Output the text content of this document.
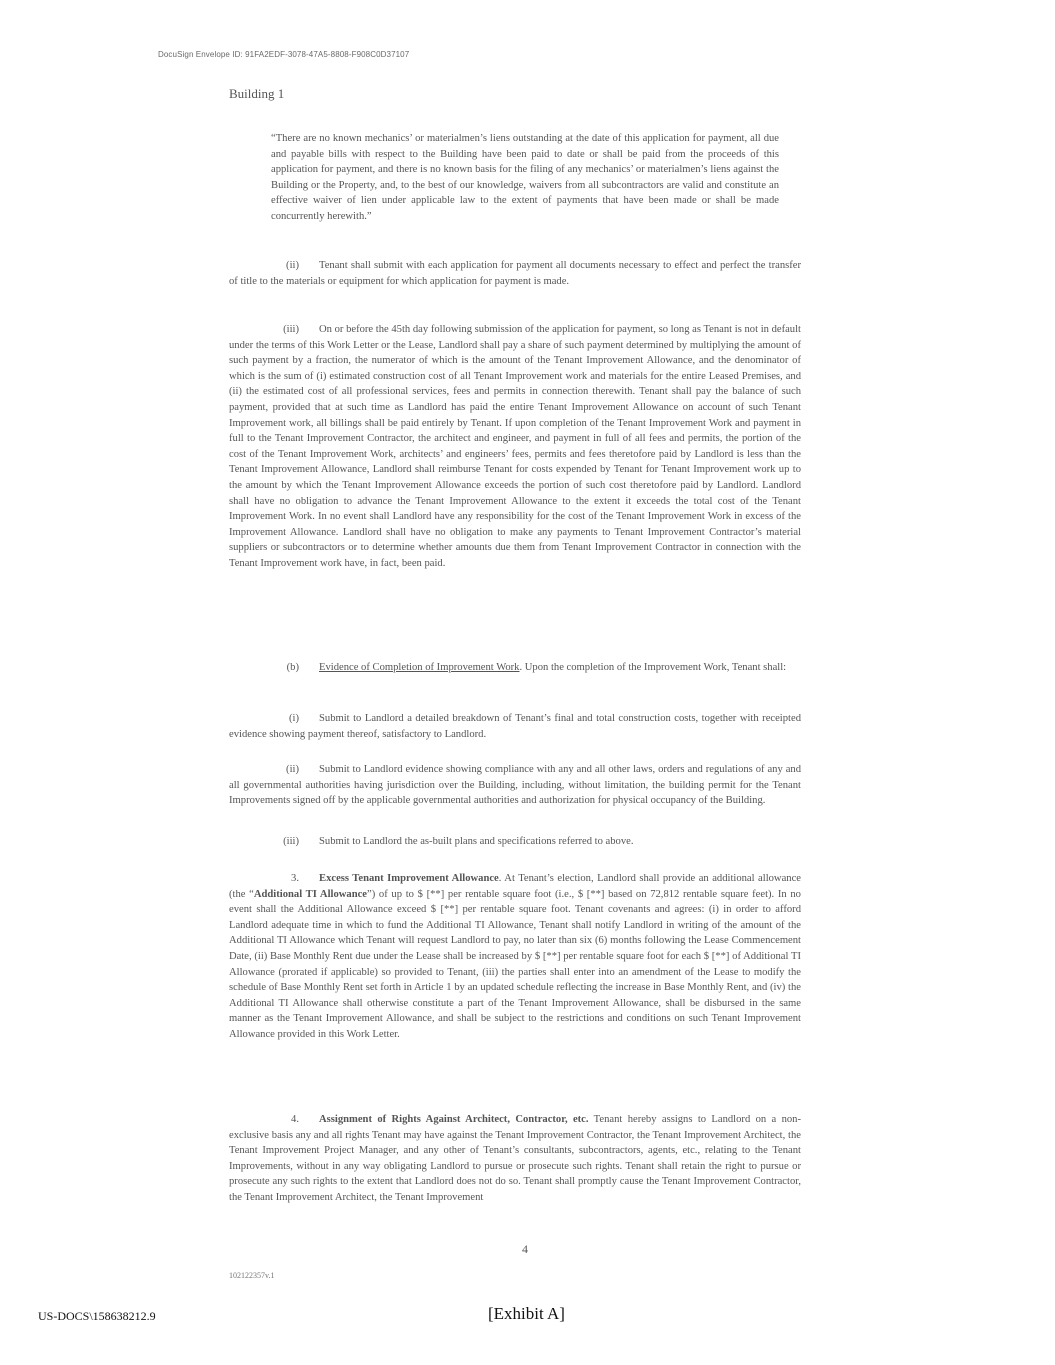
DocuSign Envelope ID: 91FA2EDF-3078-47A5-8808-F908C0D37107
Building 1
“There are no known mechanics’ or materialmen’s liens outstanding at the date of this application for payment, all due and payable bills with respect to the Building have been paid to date or shall be paid from the proceeds of this application for payment, and there is no known basis for the filing of any mechanics’ or materialmen’s liens against the Building or the Property, and, to the best of our knowledge, waivers from all subcontractors are valid and constitute an effective waiver of lien under applicable law to the extent of payments that have been made or shall be made concurrently herewith.”
(ii) Tenant shall submit with each application for payment all documents necessary to effect and perfect the transfer of title to the materials or equipment for which application for payment is made.
(iii) On or before the 45th day following submission of the application for payment, so long as Tenant is not in default under the terms of this Work Letter or the Lease, Landlord shall pay a share of such payment determined by multiplying the amount of such payment by a fraction, the numerator of which is the amount of the Tenant Improvement Allowance, and the denominator of which is the sum of (i) estimated construction cost of all Tenant Improvement work and materials for the entire Leased Premises, and (ii) the estimated cost of all professional services, fees and permits in connection therewith. Tenant shall pay the balance of such payment, provided that at such time as Landlord has paid the entire Tenant Improvement Allowance on account of such Tenant Improvement work, all billings shall be paid entirely by Tenant. If upon completion of the Tenant Improvement Work and payment in full to the Tenant Improvement Contractor, the architect and engineer, and payment in full of all fees and permits, the portion of the cost of the Tenant Improvement Work, architects’ and engineers’ fees, permits and fees theretofore paid by Landlord is less than the Tenant Improvement Allowance, Landlord shall reimburse Tenant for costs expended by Tenant for Tenant Improvement work up to the amount by which the Tenant Improvement Allowance exceeds the portion of such cost theretofore paid by Landlord. Landlord shall have no obligation to advance the Tenant Improvement Allowance to the extent it exceeds the total cost of the Tenant Improvement Work. In no event shall Landlord have any responsibility for the cost of the Tenant Improvement Work in excess of the Improvement Allowance. Landlord shall have no obligation to make any payments to Tenant Improvement Contractor’s material suppliers or subcontractors or to determine whether amounts due them from Tenant Improvement Contractor in connection with the Tenant Improvement work have, in fact, been paid.
(b) Evidence of Completion of Improvement Work. Upon the completion of the Improvement Work, Tenant shall:
(i) Submit to Landlord a detailed breakdown of Tenant’s final and total construction costs, together with receipted evidence showing payment thereof, satisfactory to Landlord.
(ii) Submit to Landlord evidence showing compliance with any and all other laws, orders and regulations of any and all governmental authorities having jurisdiction over the Building, including, without limitation, the building permit for the Tenant Improvements signed off by the applicable governmental authorities and authorization for physical occupancy of the Building.
(iii) Submit to Landlord the as-built plans and specifications referred to above.
3. Excess Tenant Improvement Allowance. At Tenant’s election, Landlord shall provide an additional allowance (the “Additional TI Allowance”) of up to $ [**] per rentable square foot (i.e., $ [**] based on 72,812 rentable square feet). In no event shall the Additional Allowance exceed $ [**] per rentable square foot. Tenant covenants and agrees: (i) in order to afford Landlord adequate time in which to fund the Additional TI Allowance, Tenant shall notify Landlord in writing of the amount of the Additional TI Allowance which Tenant will request Landlord to pay, no later than six (6) months following the Lease Commencement Date, (ii) Base Monthly Rent due under the Lease shall be increased by $ [**] per rentable square foot for each $ [**] of Additional TI Allowance (prorated if applicable) so provided to Tenant, (iii) the parties shall enter into an amendment of the Lease to modify the schedule of Base Monthly Rent set forth in Article 1 by an updated schedule reflecting the increase in Base Monthly Rent, and (iv) the Additional TI Allowance shall otherwise constitute a part of the Tenant Improvement Allowance, shall be disbursed in the same manner as the Tenant Improvement Allowance, and shall be subject to the restrictions and conditions on such Tenant Improvement Allowance provided in this Work Letter.
4. Assignment of Rights Against Architect, Contractor, etc. Tenant hereby assigns to Landlord on a non-exclusive basis any and all rights Tenant may have against the Tenant Improvement Contractor, the Tenant Improvement Architect, the Tenant Improvement Project Manager, and any other of Tenant’s consultants, subcontractors, agents, etc., relating to the Tenant Improvements, without in any way obligating Landlord to pursue or prosecute such rights. Tenant shall retain the right to pursue or prosecute any such rights to the extent that Landlord does not do so. Tenant shall promptly cause the Tenant Improvement Contractor, the Tenant Improvement Architect, the Tenant Improvement
4
102122357v.1
US-DOCS\158638212.9	[Exhibit A]
